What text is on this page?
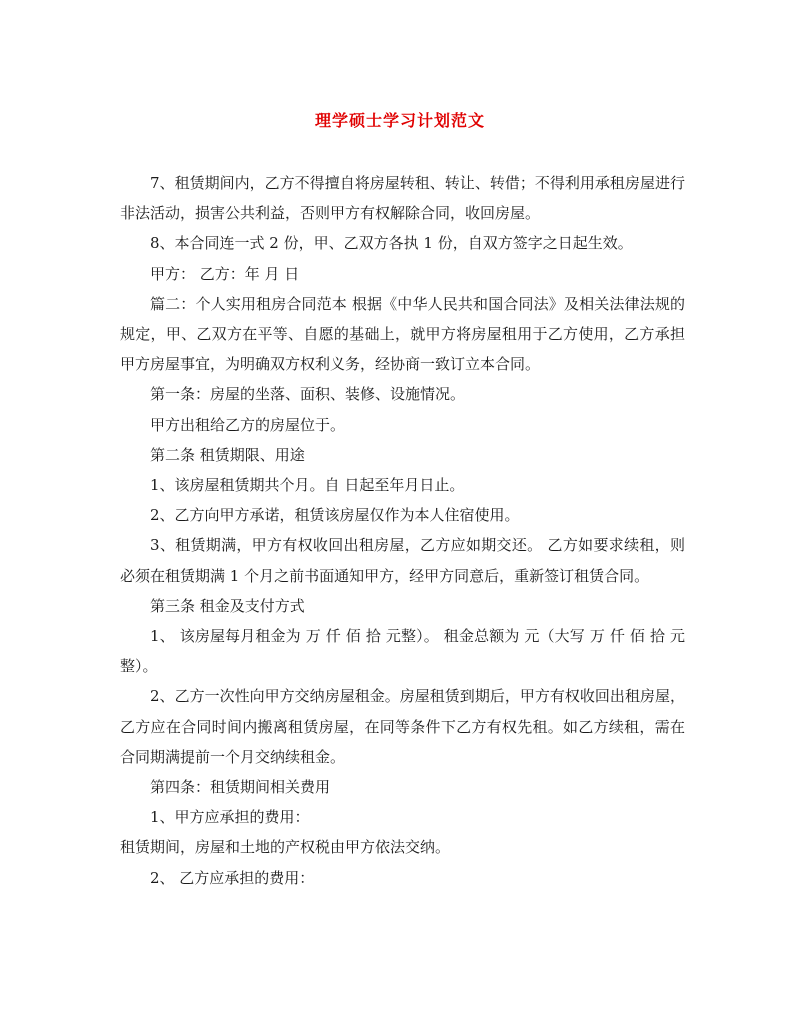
理学硕士学习计划范文

7、租赁期间内，乙方不得擅自将房屋转租、转让、转借；不得利用承租房屋进行非法活动，损害公共利益，否则甲方有权解除合同，收回房屋。

8、本合同连一式 2 份，甲、乙双方各执 1 份，自双方签字之日起生效。

甲方： 乙方：年 月 日

篇二：个人实用租房合同范本 根据《中华人民共和国合同法》及相关法律法规的规定，甲、乙双方在平等、自愿的基础上，就甲方将房屋租用于乙方使用，乙方承担甲方房屋事宜，为明确双方权利义务，经协商一致订立本合同。

第一条：房屋的坐落、面积、装修、设施情况。

甲方出租给乙方的房屋位于。

第二条 租赁期限、用途

1、该房屋租赁期共个月。自 日起至年月日止。

2、乙方向甲方承诺，租赁该房屋仅作为本人住宿使用。

3、租赁期满，甲方有权收回出租房屋，乙方应如期交还。 乙方如要求续租，则必须在租赁期满 1 个月之前书面通知甲方，经甲方同意后，重新签订租赁合同。

第三条 租金及支付方式

1、 该房屋每月租金为 万 仟 佰 拾 元整）。 租金总额为 元（大写 万 仟 佰 拾 元整）。

2、乙方一次性向甲方交纳房屋租金。房屋租赁到期后，甲方有权收回出租房屋，乙方应在合同时间内搬离租赁房屋，在同等条件下乙方有权先租。如乙方续租，需在合同期满提前一个月交纳续租金。

第四条：租赁期间相关费用

1、甲方应承担的费用：

租赁期间，房屋和土地的产权税由甲方依法交纳。

2、 乙方应承担的费用：
